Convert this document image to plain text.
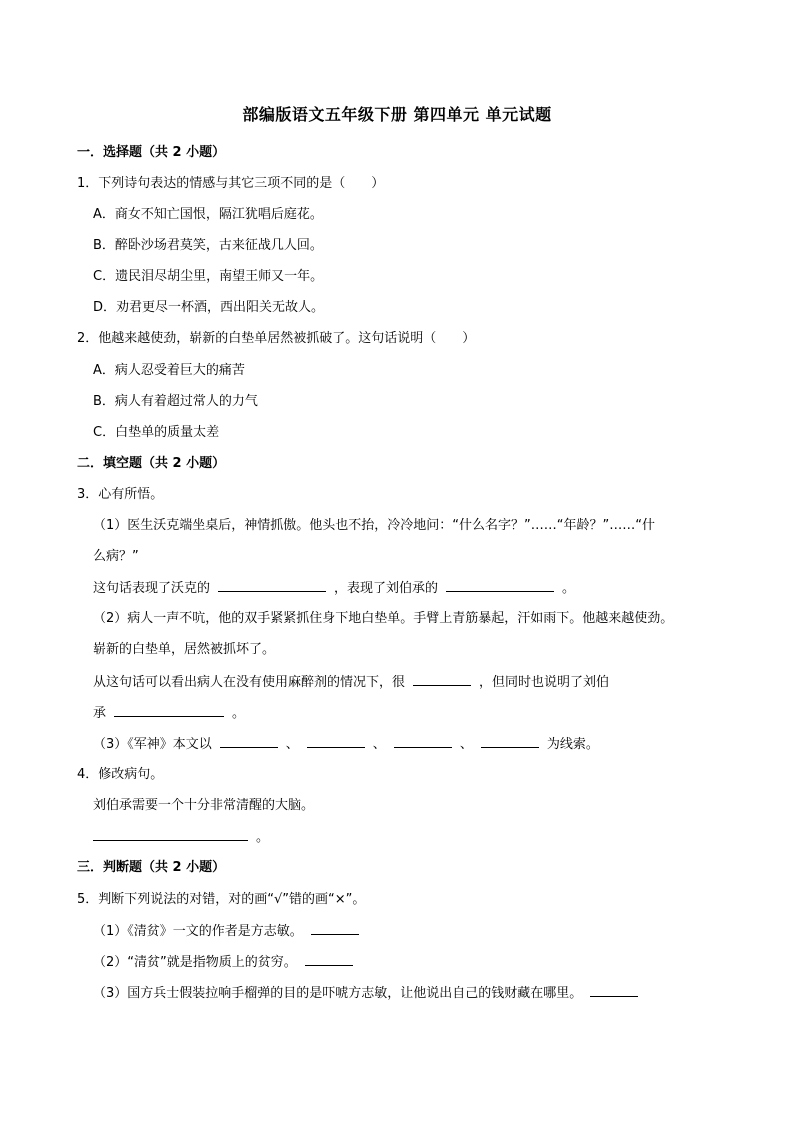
部编版语文五年级下册 第四单元 单元试题
一．选择题（共 2 小题）
1．下列诗句表达的情感与其它三项不同的是（　　）
A．商女不知亡国恨，隔江犹唱后庭花。
B．醉卧沙场君莫笑，古来征战几人回。
C．遗民泪尽胡尘里，南望王师又一年。
D．劝君更尽一杯酒，西出阳关无故人。
2．他越来越使劲，崭新的白垫单居然被抓破了。这句话说明（　　）
A．病人忍受着巨大的痛苦
B．病人有着超过常人的力气
C．白垫单的质量太差
二．填空题（共 2 小题）
3．心有所悟。
（1）医生沃克端坐桌后，神情抓傲。他头也不抬，冷冷地问：“什么名字？”……“年龄？”……“什
么病？”
这句话表现了沃克的	，表现了刘伯承的	。
（2）病人一声不吭，他的双手紧紧抓住身下地白垫单。手臂上青筋暴起，汗如雨下。他越来越使劲。
崭新的白垫单，居然被抓坏了。
从这句话可以看出病人在没有使用麻醉剂的情况下，很	，但同时也说明了刘伯
承	。
（3）《军神》本文以	、	、	、	为线索。
4．修改病句。
刘伯承需要一个十分非常清醒的大脑。
。
三．判断题（共 2 小题）
5．判断下列说法的对错，对的画“√”错的画“×”。
（1）《清贫》一文的作者是方志敏。
（2）“清贫”就是指物质上的贫穷。
（3）国方兵士假装拉响手榴弹的目的是吓唬方志敏，让他说出自己的钱财藏在哪里。
